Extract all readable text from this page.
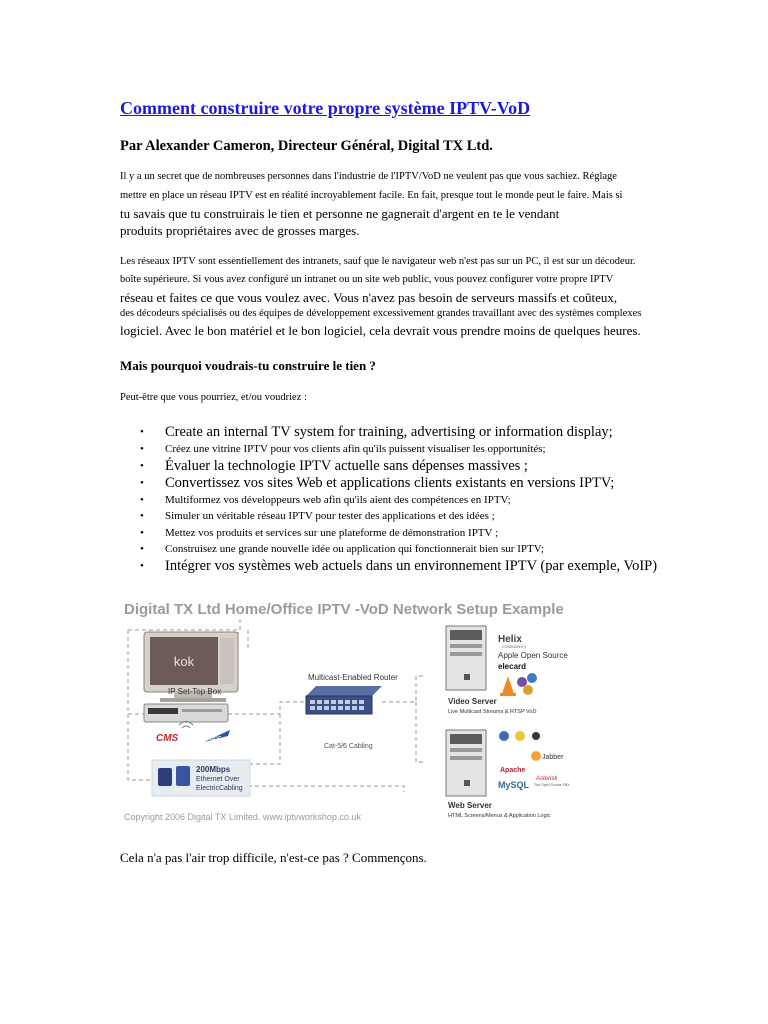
Comment construire votre propre système IPTV-VoD
Par Alexander Cameron, Directeur Général, Digital TX Ltd.
Il y a un secret que de nombreuses personnes dans l'industrie de l'IPTV/VoD ne veulent pas que vous sachiez. Réglage
mettre en place un réseau IPTV est en réalité incroyablement facile. En fait, presque tout le monde peut le faire. Mais si
tu savais que tu construirais le tien et personne ne gagnerait d'argent en te le vendant
produits propriétaires avec de grosses marges.
Les réseaux IPTV sont essentiellement des intranets, sauf que le navigateur web n'est pas sur un PC, il est sur un décodeur.
boîte supérieure. Si vous avez configuré un intranet ou un site web public, vous pouvez configurer votre propre IPTV
réseau et faites ce que vous voulez avec. Vous n'avez pas besoin de serveurs massifs et coûteux,
des décodeurs spécialisés ou des équipes de développement excessivement grandes travaillant avec des systèmes complexes
logiciel. Avec le bon matériel et le bon logiciel, cela devrait vous prendre moins de quelques heures.
Mais pourquoi voudrais-tu construire le tien ?
Peut-être que vous pourriez, et/ou voudriez :
• Create an internal TV system for training, advertising or information display;
• Créez une vitrine IPTV pour vos clients afin qu'ils puissent visualiser les opportunités;
• Évaluer la technologie IPTV actuelle sans dépenses massives ;
• Convertissez vos sites Web et applications clients existants en versions IPTV;
• Multiformez vos développeurs web afin qu'ils aient des compétences en IPTV;
• Simuler un véritable réseau IPTV pour tester des applications et des idées ;
• Mettez vos produits et services sur une plateforme de démonstration IPTV ;
• Construisez une grande nouvelle idée ou application qui fonctionnerait bien sur IPTV;
• Intégrer vos systèmes web actuels dans un environnement IPTV (par exemple, VoIP)
Digital TX Ltd Home/Office IPTV -VoD Network Setup Example
kok
IP Set-Top Box
CMS	anc
Multicast-Enabled Router
Cat-5/6 Cabling
200Mbps
Ethernet Over
ElectricCabling
Video Server
Live Multicast Streams & RTSP VoD
Helix
COMMUNITY
Apple Open Source
elecard
Web Server
HTML Screens/Menus & Application Logic
Jabber
Apache
MySQL
Asterisk
The Open Source PBX
Copyright 2006 Digital TX Limited. www.iptvworkshop.co.uk
Cela n'a pas l'air trop difficile, n'est-ce pas ? Commençons.
